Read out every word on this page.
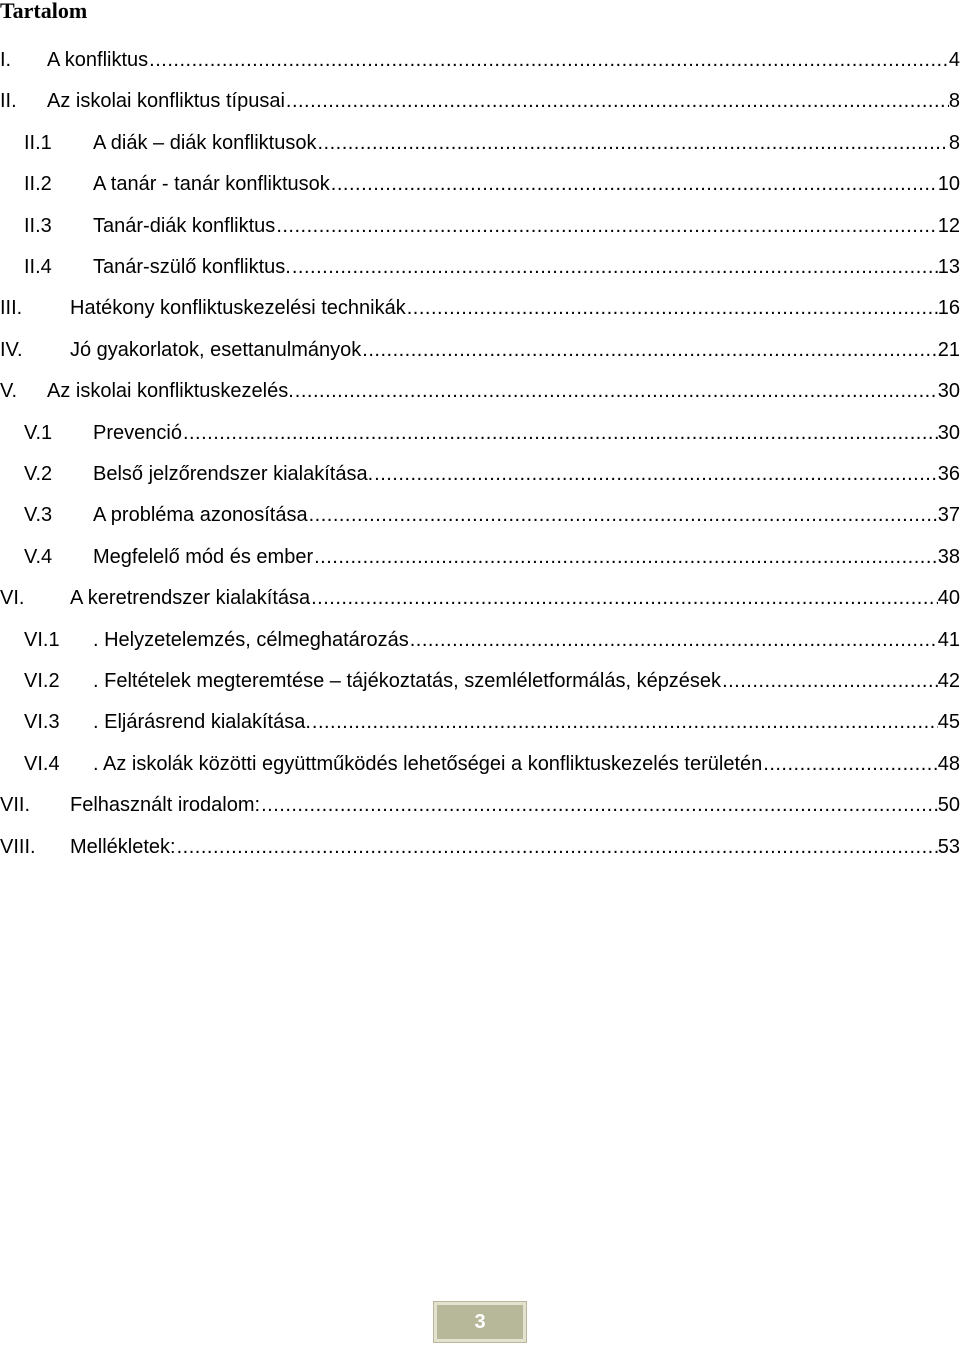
Tartalom
I. A konfliktus .....	4
II. Az iskolai konfliktus típusai .....	8
II.1 A diák – diák konfliktusok .....	8
II.2 A tanár - tanár konfliktusok .....	10
II.3 Tanár-diák konfliktus .....	12
II.4 Tanár-szülő konfliktus. .....	13
III. Hatékony konfliktuskezelési technikák .....	16
IV. Jó gyakorlatok, esettanulmányok .....	21
V. Az iskolai konfliktuskezelés. .....	30
V.1 Prevenció .....	30
V.2 Belső jelzőrendszer kialakítása. .....	36
V.3 A probléma azonosítása .....	37
V.4 Megfelelő mód és ember .....	38
VI. A keretrendszer kialakítása .....	40
VI.1 . Helyzetelemzés, célmeghatározás .....	41
VI.2 . Feltételek megteremtése – tájékoztatás, szemléletformálás, képzések .....	42
VI.3 . Eljárásrend kialakítása. .....	45
VI.4 . Az iskolák közötti együttműködés lehetőségei a konfliktuskezelés területén .....	48
VII. Felhasznált irodalom: .....	50
VIII. Mellékletek: .....	53
3
